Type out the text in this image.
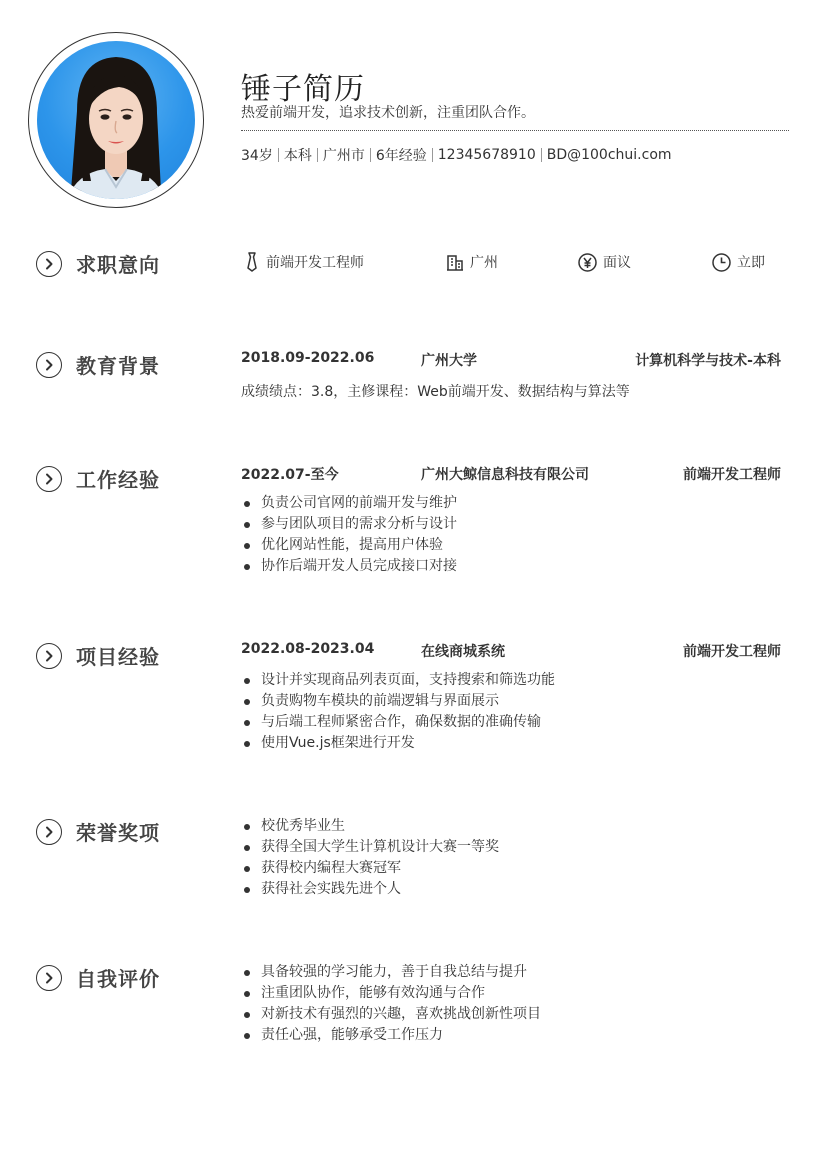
锤子简历
热爱前端开发，追求技术创新，注重团队合作。
34岁 本科 广州市 6年经验 12345678910 BD@100chui.com
求职意向	前端开发工程师	广州	面议	立即
教育背景	2018.09-2022.06	广州大学	计算机科学与技术-本科
成绩绩点：3.8，主修课程：Web前端开发、数据结构与算法等
工作经验	2022.07-至今	广州大鲸信息科技有限公司	前端开发工程师
负责公司官网的前端开发与维护
参与团队项目的需求分析与设计
优化网站性能，提高用户体验
协作后端开发人员完成接口对接
项目经验	2022.08-2023.04	在线商城系统	前端开发工程师
设计并实现商品列表页面，支持搜索和筛选功能
负责购物车模块的前端逻辑与界面展示
与后端工程师紧密合作，确保数据的准确传输
使用Vue.js框架进行开发
荣誉奖项	校优秀毕业生
获得全国大学生计算机设计大赛一等奖
获得校内编程大赛冠军
获得社会实践先进个人
自我评价	具备较强的学习能力，善于自我总结与提升
注重团队协作，能够有效沟通与合作
对新技术有强烈的兴趣，喜欢挑战创新性项目
责任心强，能够承受工作压力
